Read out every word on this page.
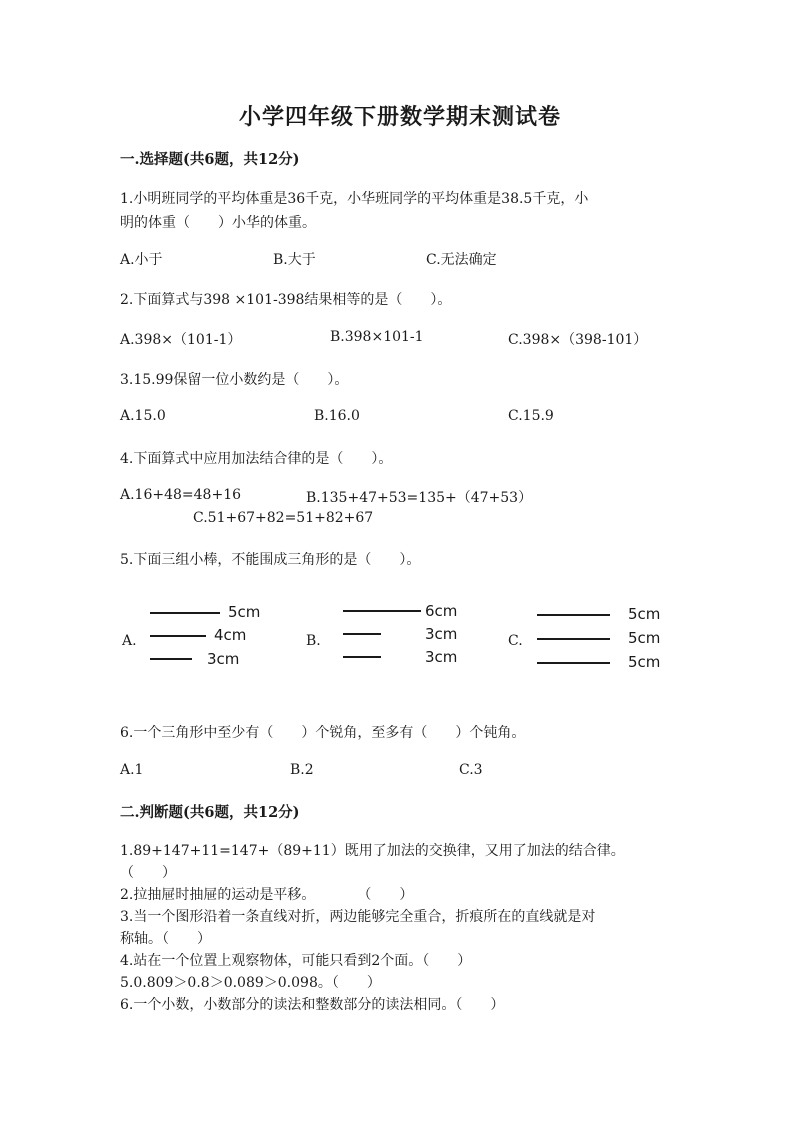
小学四年级下册数学期末测试卷
一.选择题(共6题，共12分)
1.小明班同学的平均体重是36千克，小华班同学的平均体重是38.5千克，小
明的体重（　　）小华的体重。
A.小于	B.大于	C.无法确定
2.下面算式与398 ×101-398结果相等的是（　　）。
A.398×（101-1）	B.398×101-1	C.398×（398-101）
3.15.99保留一位小数约是（　　）。
A.15.0	B.16.0	C.15.9
4.下面算式中应用加法结合律的是（　　）。
A.16+48=48+16	B.135+47+53=135+（47+53）
C.51+67+82=51+82+67
5.下面三组小棒，不能围成三角形的是（　　）。
A.
5cm
4cm
3cm
B.
6cm
3cm
3cm
C.
5cm
5cm
5cm
6.一个三角形中至少有（　　）个锐角，至多有（　　）个钝角。
A.1	B.2	C.3
二.判断题(共6题，共12分)
1.89+147+11=147+（89+11）既用了加法的交换律，又用了加法的结合律。
（　　）
2.拉抽屉时抽屉的运动是平移。　　　　（　　）
3.当一个图形沿着一条直线对折，两边能够完全重合，折痕所在的直线就是对
称轴。（　　）
4.站在一个位置上观察物体，可能只看到2个面。（　　）
5.0.809＞0.8＞0.089＞0.098。（　　）
6.一个小数，小数部分的读法和整数部分的读法相同。（　　）
